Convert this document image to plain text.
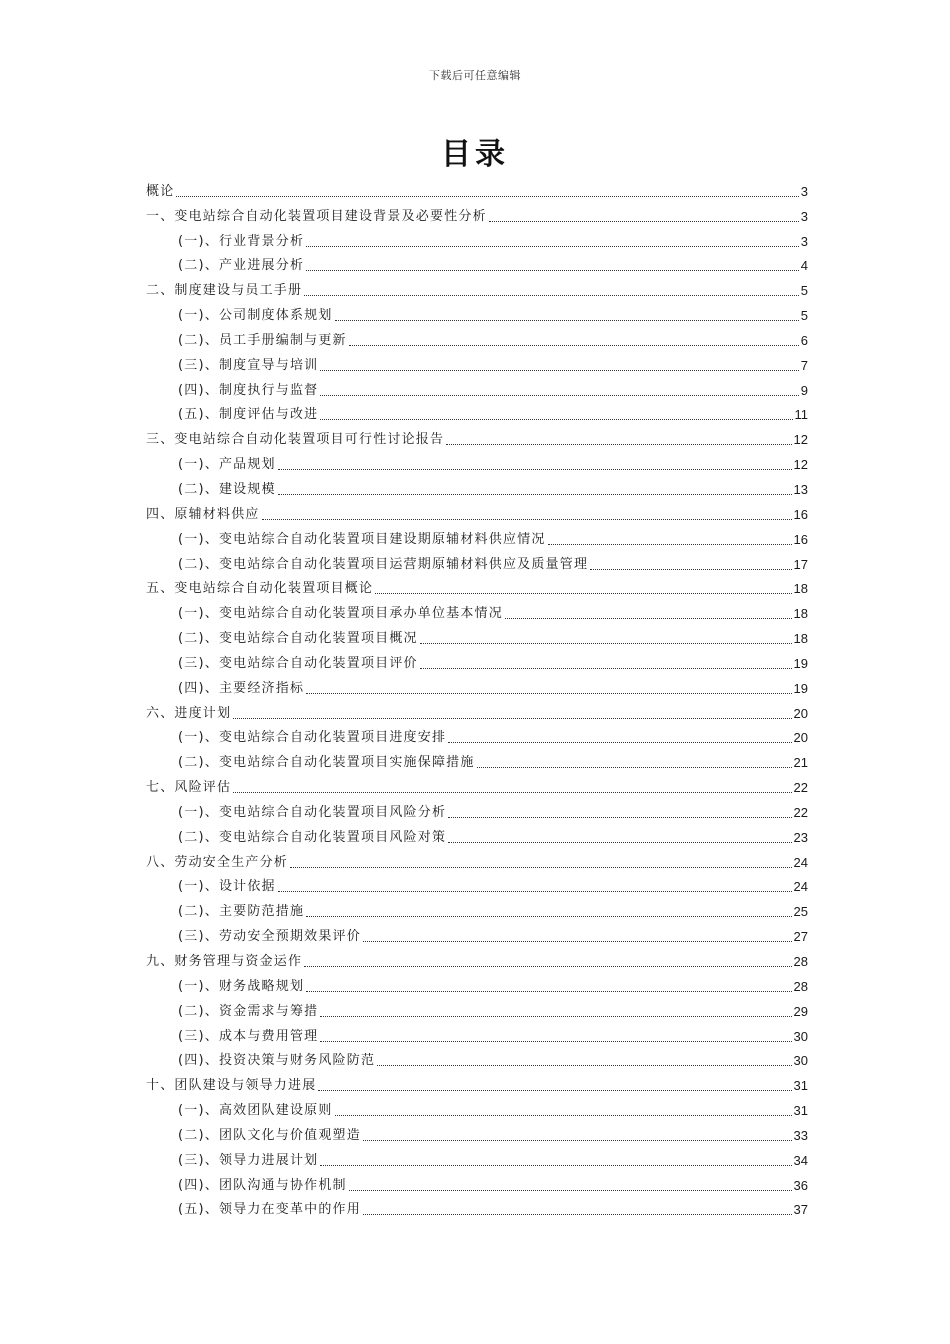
下载后可任意编辑
目录
概论	3
一、变电站综合自动化装置项目建设背景及必要性分析	3
(一)、行业背景分析	3
(二)、产业进展分析	4
二、制度建设与员工手册	5
(一)、公司制度体系规划	5
(二)、员工手册编制与更新	6
(三)、制度宣导与培训	7
(四)、制度执行与监督	9
(五)、制度评估与改进	11
三、变电站综合自动化装置项目可行性讨论报告	12
(一)、产品规划	12
(二)、建设规模	13
四、原辅材料供应	16
(一)、变电站综合自动化装置项目建设期原辅材料供应情况	16
(二)、变电站综合自动化装置项目运营期原辅材料供应及质量管理	17
五、变电站综合自动化装置项目概论	18
(一)、变电站综合自动化装置项目承办单位基本情况	18
(二)、变电站综合自动化装置项目概况	18
(三)、变电站综合自动化装置项目评价	19
(四)、主要经济指标	19
六、进度计划	20
(一)、变电站综合自动化装置项目进度安排	20
(二)、变电站综合自动化装置项目实施保障措施	21
七、风险评估	22
(一)、变电站综合自动化装置项目风险分析	22
(二)、变电站综合自动化装置项目风险对策	23
八、劳动安全生产分析	24
(一)、设计依据	24
(二)、主要防范措施	25
(三)、劳动安全预期效果评价	27
九、财务管理与资金运作	28
(一)、财务战略规划	28
(二)、资金需求与筹措	29
(三)、成本与费用管理	30
(四)、投资决策与财务风险防范	30
十、团队建设与领导力进展	31
(一)、高效团队建设原则	31
(二)、团队文化与价值观塑造	33
(三)、领导力进展计划	34
(四)、团队沟通与协作机制	36
(五)、领导力在变革中的作用	37
